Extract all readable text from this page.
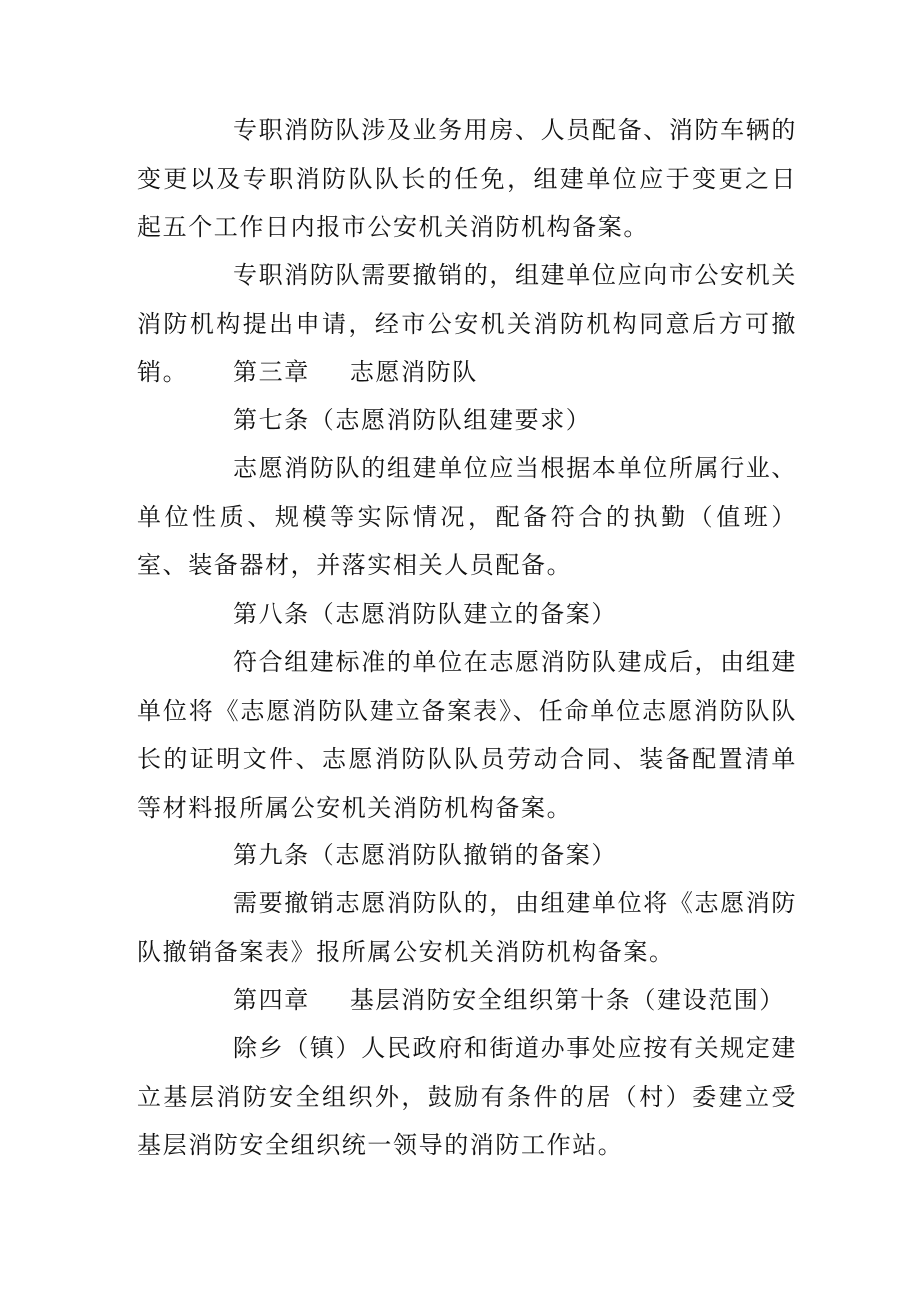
专职消防队涉及业务用房、人员配备、消防车辆的变更以及专职消防队队长的任免，组建单位应于变更之日起五个工作日内报市公安机关消防机构备案。

专职消防队需要撤销的，组建单位应向市公安机关消防机构提出申请，经市公安机关消防机构同意后方可撤销。	第三章 志愿消防队

第七条（志愿消防队组建要求）

志愿消防队的组建单位应当根据本单位所属行业、单位性质、规模等实际情况，配备符合的执勤（值班）室、装备器材，并落实相关人员配备。

第八条（志愿消防队建立的备案）

符合组建标准的单位在志愿消防队建成后，由组建单位将《志愿消防队建立备案表》、任命单位志愿消防队队长的证明文件、志愿消防队队员劳动合同、装备配置清单等材料报所属公安机关消防机构备案。

第九条（志愿消防队撤销的备案）

需要撤销志愿消防队的，由组建单位将《志愿消防队撤销备案表》报所属公安机关消防机构备案。

第四章 基层消防安全组织第十条（建设范围）

除乡（镇）人民政府和街道办事处应按有关规定建立基层消防安全组织外，鼓励有条件的居（村）委建立受基层消防安全组织统一领导的消防工作站。
